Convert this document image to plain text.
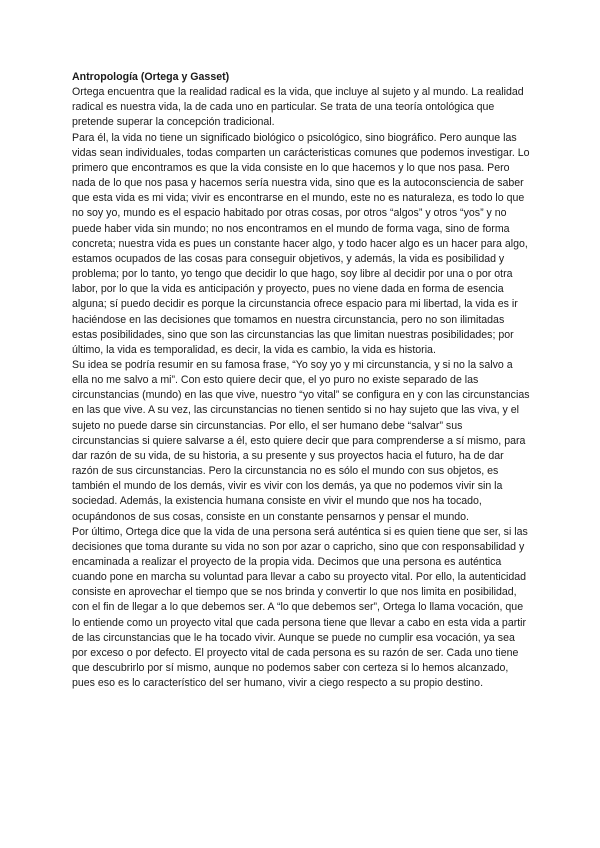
Antropología (Ortega y Gasset)

Ortega encuentra que la realidad radical es la vida, que incluye al sujeto y al mundo. La realidad radical es nuestra vida, la de cada uno en particular. Se trata de una teoría ontológica que pretende superar la concepción tradicional.

Para él, la vida no tiene un significado biológico o psicológico, sino biográfico. Pero aunque las vidas sean individuales, todas comparten un carácteristicas comunes que podemos investigar. Lo primero que encontramos es que la vida consiste en lo que hacemos y lo que nos pasa. Pero nada de lo que nos pasa y hacemos sería nuestra vida, sino que es la autoconsciencia de saber que esta vida es mi vida; vivir es encontrarse en el mundo, este no es naturaleza, es todo lo que no soy yo, mundo es el espacio habitado por otras cosas, por otros “algos” y otros “yos” y no puede haber vida sin mundo; no nos encontramos en el mundo de forma vaga, sino de forma concreta; nuestra vida es pues un constante hacer algo, y todo hacer algo es un hacer para algo, estamos ocupados de las cosas para conseguir objetivos, y además, la vida es posibilidad y problema; por lo tanto, yo tengo que decidir lo que hago, soy libre al decidir por una o por otra labor, por lo que la vida es anticipación y proyecto, pues no viene dada en forma de esencia alguna; sí puedo decidir es porque la circunstancia ofrece espacio para mi libertad, la vida es ir haciéndose en las decisiones que tomamos en nuestra circunstancia, pero no son ilimitadas estas posibilidades, sino que son las circunstancias las que limitan nuestras posibilidades; por último, la vida es temporalidad, es decir, la vida es cambio, la vida es historia.

Su idea se podría resumir en su famosa frase, “Yo soy yo y mi circunstancia, y si no la salvo a ella no me salvo a mi”. Con esto quiere decir que, el yo puro no existe separado de las circunstancias (mundo) en las que vive, nuestro “yo vital” se configura en y con las circunstancias en las que vive. A su vez, las circunstancias no tienen sentido si no hay sujeto que las viva, y el sujeto no puede darse sin circunstancias. Por ello, el ser humano debe “salvar” sus circunstancias si quiere salvarse a él, esto quiere decir que para comprenderse a sí mismo, para dar razón de su vida, de su historia, a su presente y sus proyectos hacia el futuro, ha de dar razón de sus circunstancias. Pero la circunstancia no es sólo el mundo con sus objetos, es también el mundo de los demás, vivir es vivir con los demás, ya que no podemos vivir sin la sociedad. Además, la existencia humana consiste en vivir el mundo que nos ha tocado, ocupándonos de sus cosas, consiste en un constante pensarnos y pensar el mundo.

Por último, Ortega dice que la vida de una persona será auténtica si es quien tiene que ser, si las decisiones que toma durante su vida no son por azar o capricho, sino que con responsabilidad y encaminada a realizar el proyecto de la propia vida. Decimos que una persona es auténtica cuando pone en marcha su voluntad para llevar a cabo su proyecto vital. Por ello, la autenticidad consiste en aprovechar el tiempo que se nos brinda y convertir lo que nos limita en posibilidad, con el fin de llegar a lo que debemos ser. A “lo que debemos ser”, Ortega lo llama vocación, que lo entiende como un proyecto vital que cada persona tiene que llevar a cabo en esta vida a partir de las circunstancias que le ha tocado vivir. Aunque se puede no cumplir esa vocación, ya sea por exceso o por defecto. El proyecto vital de cada persona es su razón de ser. Cada uno tiene que descubrirlo por sí mismo, aunque no podemos saber con certeza si lo hemos alcanzado, pues eso es lo característico del ser humano, vivir a ciego respecto a su propio destino.
